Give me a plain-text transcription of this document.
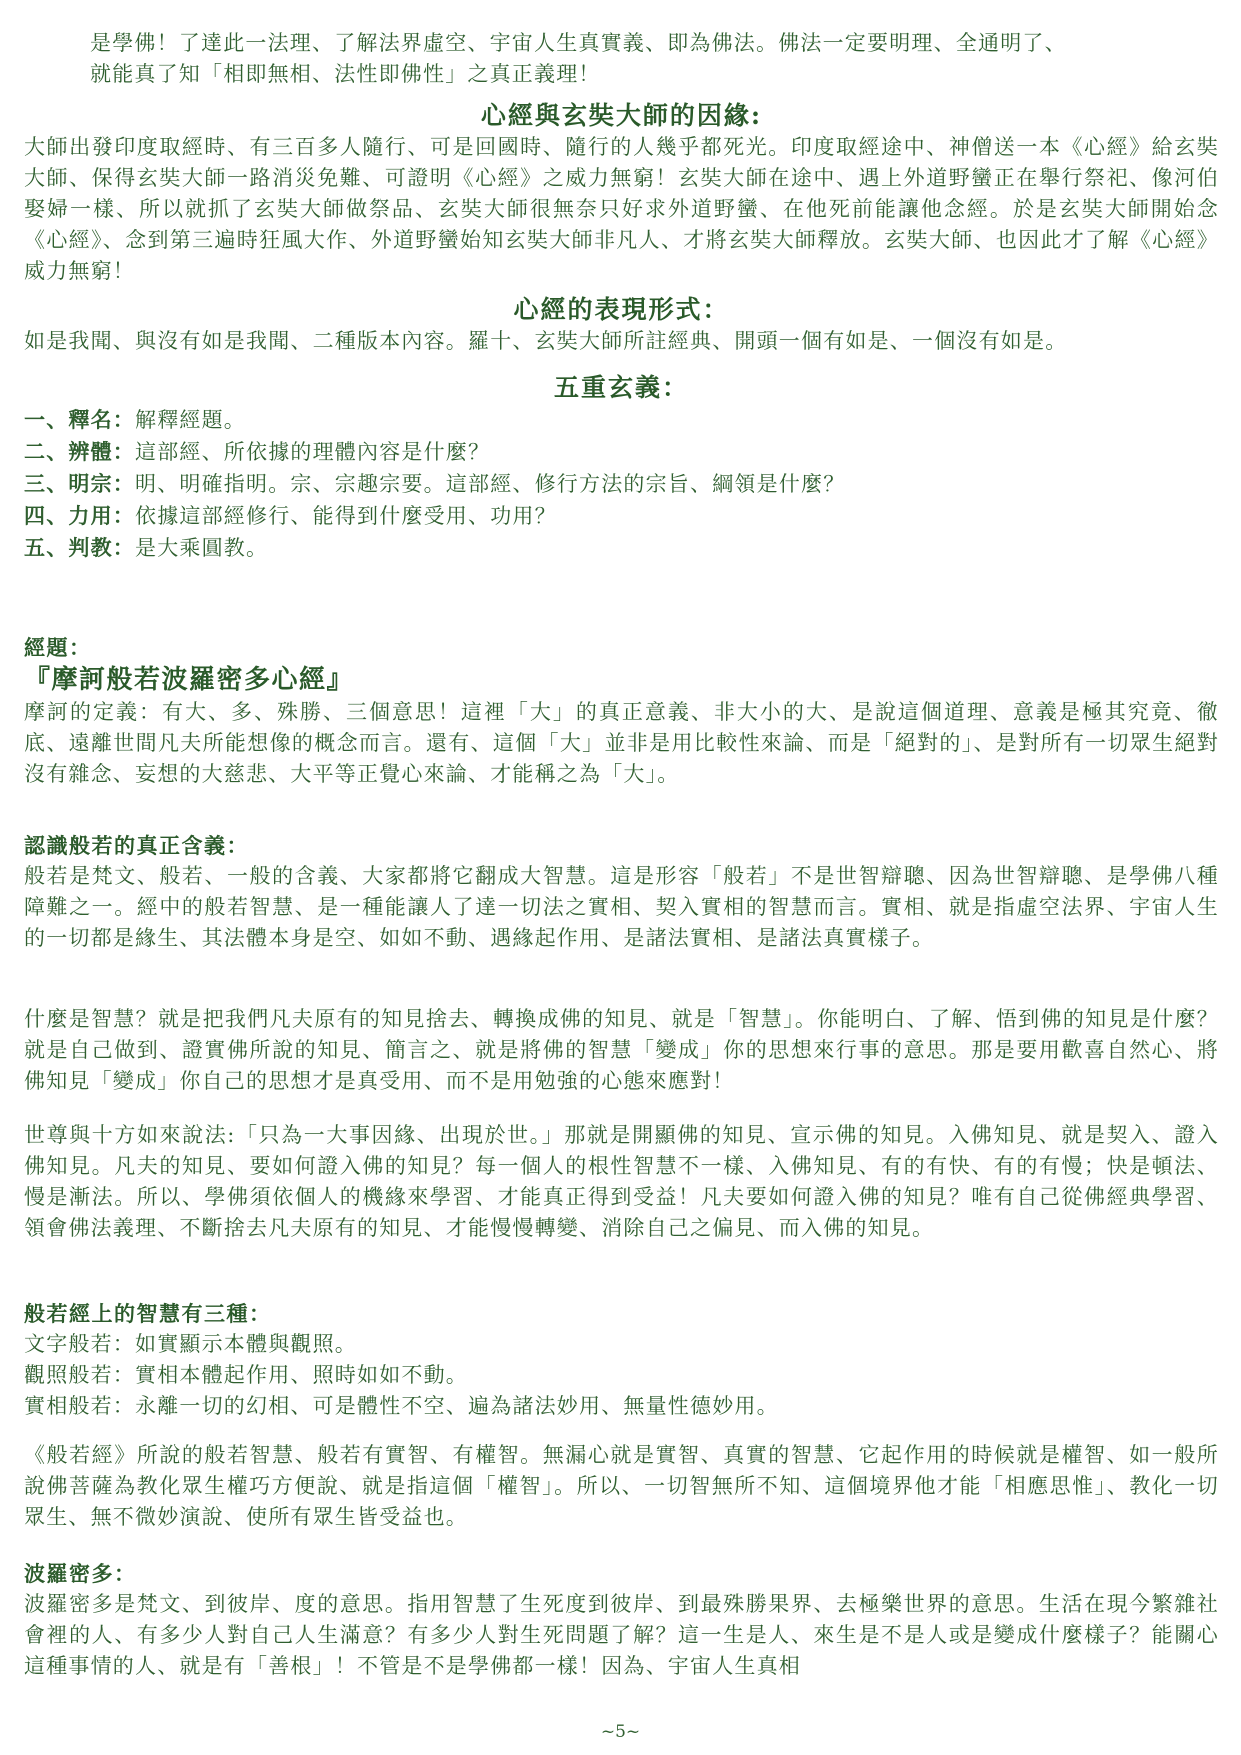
是學佛！了達此一法理、了解法界虛空、宇宙人生真實義、即為佛法。佛法一定要明理、全通明了、
就能真了知「相即無相、法性即佛性」之真正義理！

心經與玄奘大師的因緣:

大師出發印度取經時、有三百多人隨行、可是回國時、隨行的人幾乎都死光。印度取經途中、神僧送一本《心經》給玄奘大師、保得玄奘大師一路消災免難、可證明《心經》之威力無窮！玄奘大師在途中、遇上外道野蠻正在舉行祭祀、像河伯娶婦一樣、所以就抓了玄奘大師做祭品、玄奘大師很無奈只好求外道野蠻、在他死前能讓他念經。於是玄奘大師開始念《心經》、念到第三遍時狂風大作、外道野蠻始知玄奘大師非凡人、才將玄奘大師釋放。玄奘大師、也因此才了解《心經》威力無窮！

心經的表現形式：

如是我聞、與沒有如是我聞、二種版本內容。羅十、玄奘大師所註經典、開頭一個有如是、一個沒有如是。

五重玄義：

一、釋名：解釋經題。

二、辨體：這部經、所依據的理體內容是什麼？

三、明宗：明、明確指明。宗、宗趣宗要。這部經、修行方法的宗旨、綱領是什麼？

四、力用：依據這部經修行、能得到什麼受用、功用？

五、判教：是大乘圓教。

經題：
『摩訶般若波羅密多心經』

摩訶的定義：有大、多、殊勝、三個意思！這裡「大」的真正意義、非大小的大、是說這個道理、意義是極其究竟、徹底、遠離世間凡夫所能想像的概念而言。還有、這個「大」並非是用比較性來論、而是「絕對的」、是對所有一切眾生絕對沒有雜念、妄想的大慈悲、大平等正覺心來論、才能稱之為「大」。

認識般若的真正含義：

般若是梵文、般若、一般的含義、大家都將它翻成大智慧。這是形容「般若」不是世智辯聰、因為世智辯聰、是學佛八種障難之一。經中的般若智慧、是一種能讓人了達一切法之實相、契入實相的智慧而言。實相、就是指虛空法界、宇宙人生的一切都是緣生、其法體本身是空、如如不動、遇緣起作用、是諸法實相、是諸法真實樣子。

什麼是智慧？就是把我們凡夫原有的知見捨去、轉換成佛的知見、就是「智慧」。你能明白、了解、悟到佛的知見是什麼？就是自己做到、證實佛所說的知見、簡言之、就是將佛的智慧「變成」你的思想來行事的意思。那是要用歡喜自然心、將佛知見「變成」你自己的思想才是真受用、而不是用勉強的心態來應對！

世尊與十方如來說法:「只為一大事因緣、出現於世。」那就是開顯佛的知見、宣示佛的知見。入佛知見、就是契入、證入佛知見。凡夫的知見、要如何證入佛的知見？每一個人的根性智慧不一樣、入佛知見、有的有快、有的有慢；快是頓法、慢是漸法。所以、學佛須依個人的機緣來學習、才能真正得到受益！凡夫要如何證入佛的知見？唯有自己從佛經典學習、領會佛法義理、不斷捨去凡夫原有的知見、才能慢慢轉變、消除自己之偏見、而入佛的知見。

般若經上的智慧有三種：

文字般若：如實顯示本體與觀照。

觀照般若：實相本體起作用、照時如如不動。

實相般若：永離一切的幻相、可是體性不空、遍為諸法妙用、無量性德妙用。

《般若經》所說的般若智慧、般若有實智、有權智。無漏心就是實智、真實的智慧、它起作用的時候就是權智、如一般所說佛菩薩為教化眾生權巧方便說、就是指這個「權智」。所以、一切智無所不知、這個境界他才能「相應思惟」、教化一切眾生、無不微妙演說、使所有眾生皆受益也。

波羅密多：

波羅密多是梵文、到彼岸、度的意思。指用智慧了生死度到彼岸、到最殊勝果界、去極樂世界的意思。生活在現今繁雜社會裡的人、有多少人對自己人生滿意？有多少人對生死問題了解？這一生是人、來生是不是人或是變成什麼樣子？能關心這種事情的人、就是有「善根」！不管是不是學佛都一樣！因為、宇宙人生真相

~5~
